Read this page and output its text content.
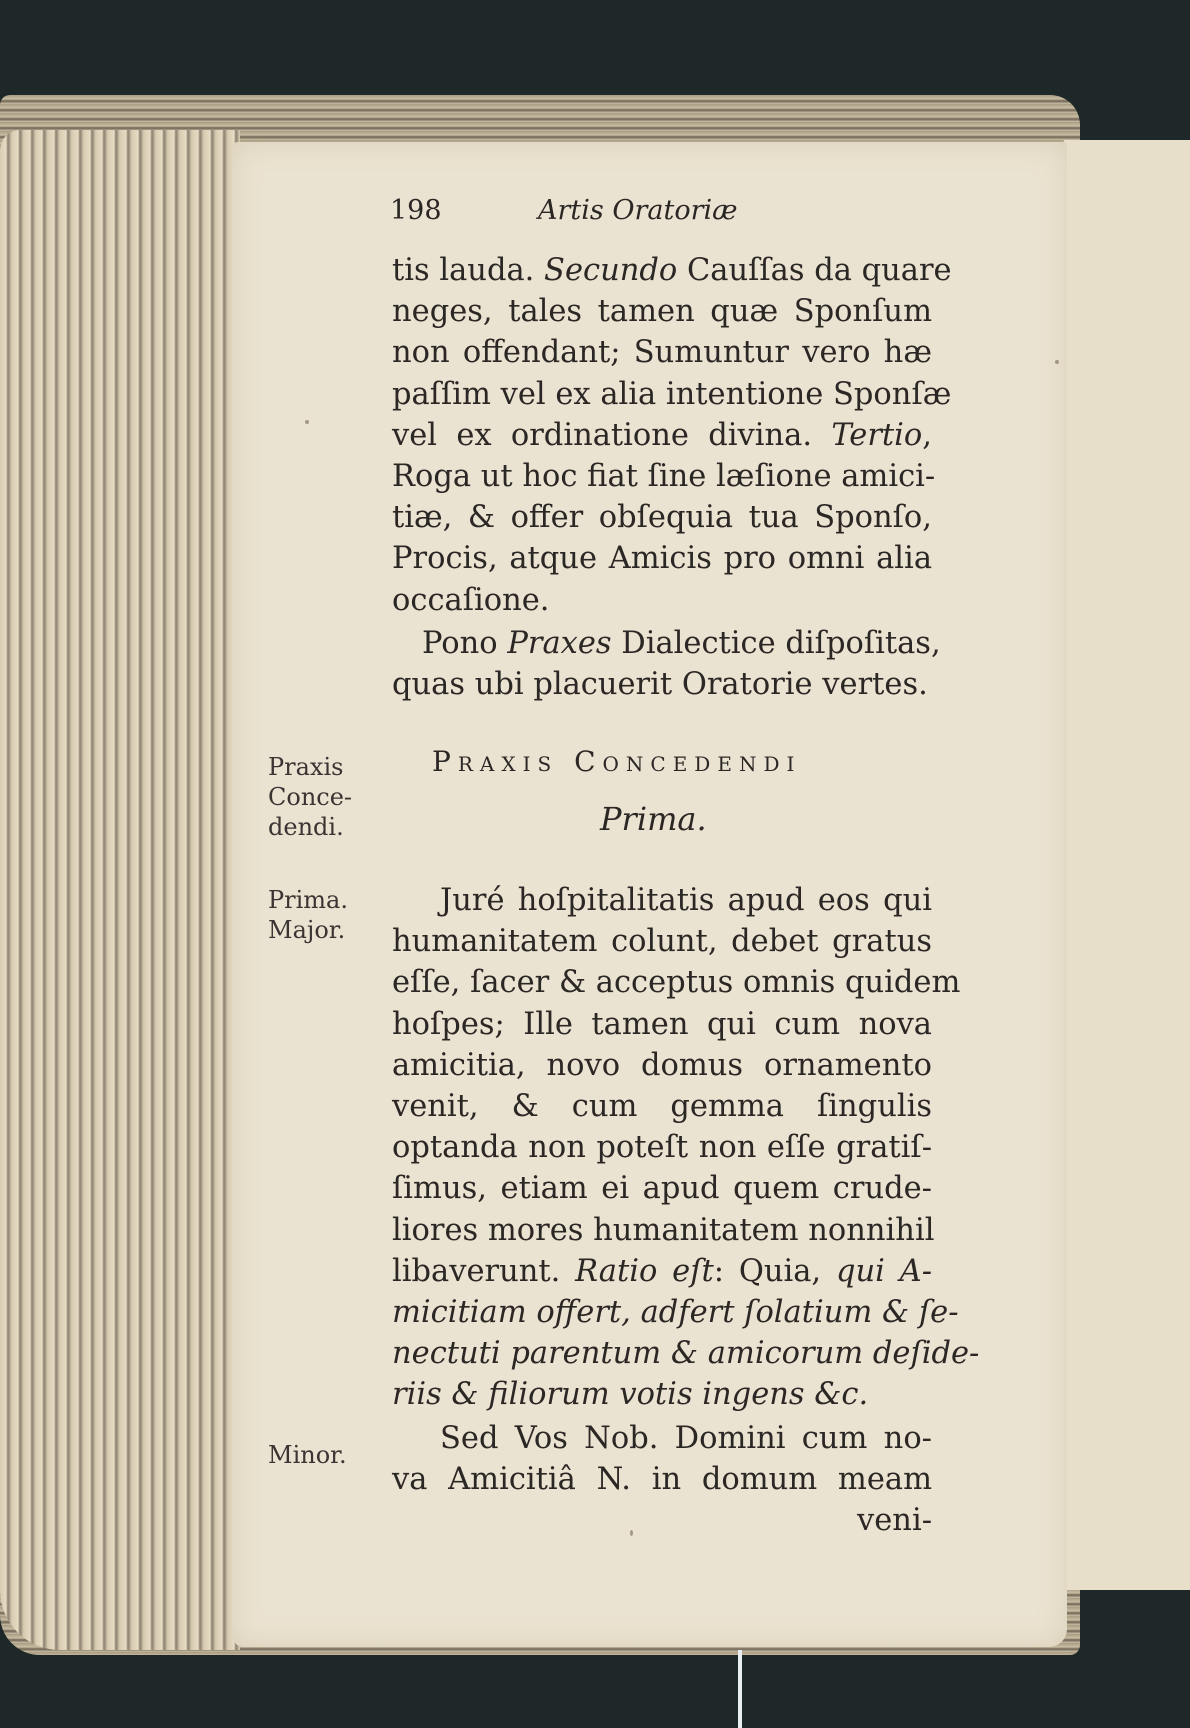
198	Artis Oratoriæ
tis lauda. Secundo Cauſſas da quare
neges, tales tamen quæ Sponſum
non offendant; Sumuntur vero hæ
paſſim vel ex alia intentione Sponſæ
vel ex ordinatione divina. Tertio,
Roga ut hoc fiat ſine læſione amici-
tiæ, & offer obſequia tua Sponſo,
Procis, atque Amicis pro omni alia
occaſione.
Pono Praxes Dialectice diſpoſitas,
quas ubi placuerit Oratorie vertes.
Praxis Concedendi
Prima.
Praxis
Conce-
dendi.
Prima.
Major.
Minor.
Juré hoſpitalitatis apud eos qui
humanitatem colunt, debet gratus
eſſe, ſacer & acceptus omnis quidem
hoſpes; Ille tamen qui cum nova
amicitia, novo domus ornamento
venit, & cum gemma ſingulis
optanda non poteſt non eſſe gratiſ-
ſimus, etiam ei apud quem crude-
liores mores humanitatem nonnihil
libaverunt. Ratio eſt: Quia, qui A-
micitiam offert, adfert ſolatium & ſe-
nectuti parentum & amicorum deſide-
riis & filiorum votis ingens &c.
Sed Vos Nob. Domini cum no-
va Amicitiâ N. in domum meam
veni-
